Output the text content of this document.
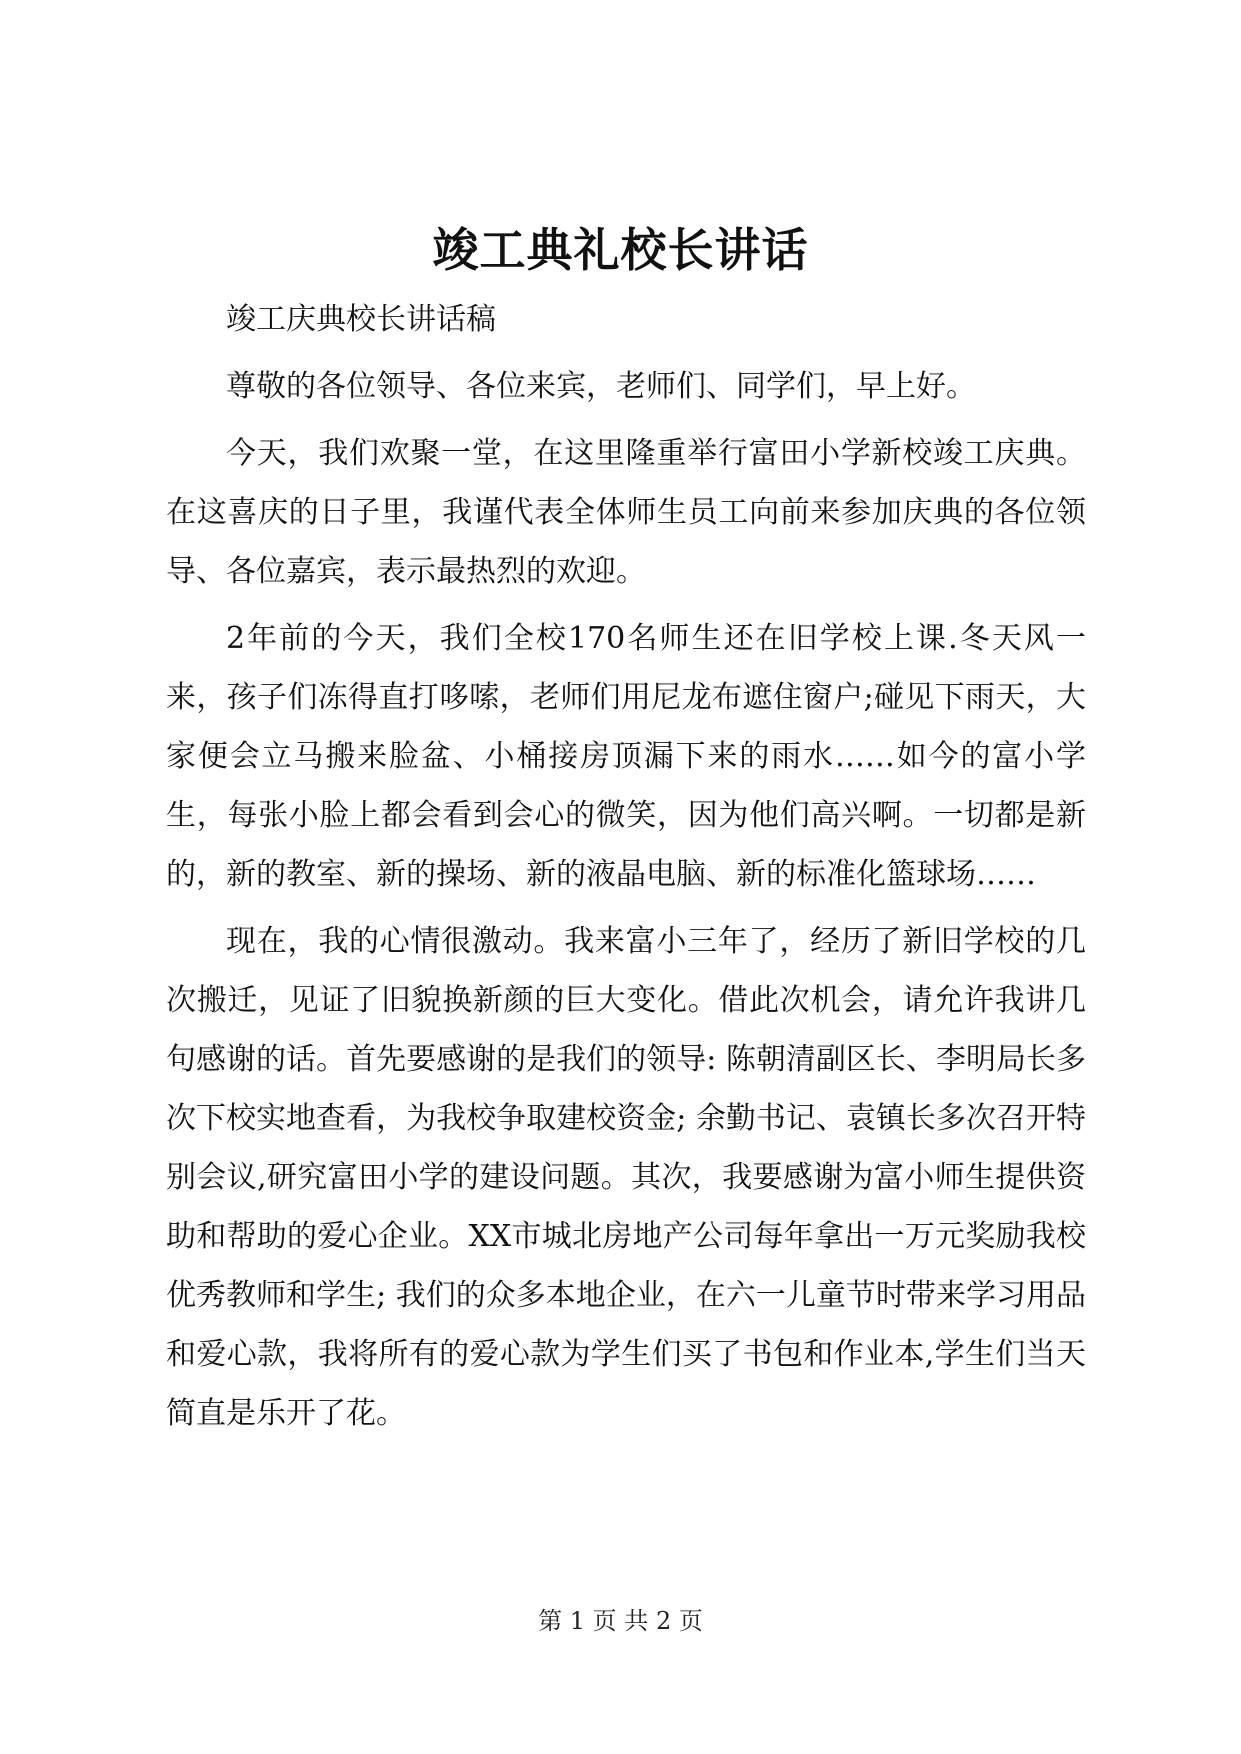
竣工典礼校长讲话

竣工庆典校长讲话稿

尊敬的各位领导、各位来宾，老师们、同学们，早上好。

今天，我们欢聚一堂，在这里隆重举行富田小学新校竣工庆典。在这喜庆的日子里，我谨代表全体师生员工向前来参加庆典的各位领导、各位嘉宾，表示最热烈的欢迎。

2年前的今天，我们全校170名师生还在旧学校上课.冬天风一来，孩子们冻得直打哆嗦，老师们用尼龙布遮住窗户;碰见下雨天，大家便会立马搬来脸盆、小桶接房顶漏下来的雨水……如今的富小学生，每张小脸上都会看到会心的微笑，因为他们高兴啊。一切都是新的，新的教室、新的操场、新的液晶电脑、新的标准化篮球场……

现在，我的心情很激动。我来富小三年了，经历了新旧学校的几次搬迁，见证了旧貌换新颜的巨大变化。借此次机会，请允许我讲几句感谢的话。首先要感谢的是我们的领导: 陈朝清副区长、李明局长多次下校实地查看，为我校争取建校资金; 余勤书记、袁镇长多次召开特别会议,研究富田小学的建设问题。其次，我要感谢为富小师生提供资助和帮助的爱心企业。XX市城北房地产公司每年拿出一万元奖励我校优秀教师和学生; 我们的众多本地企业，在六一儿童节时带来学习用品和爱心款，我将所有的爱心款为学生们买了书包和作业本,学生们当天简直是乐开了花。

第 1 页 共 2 页
